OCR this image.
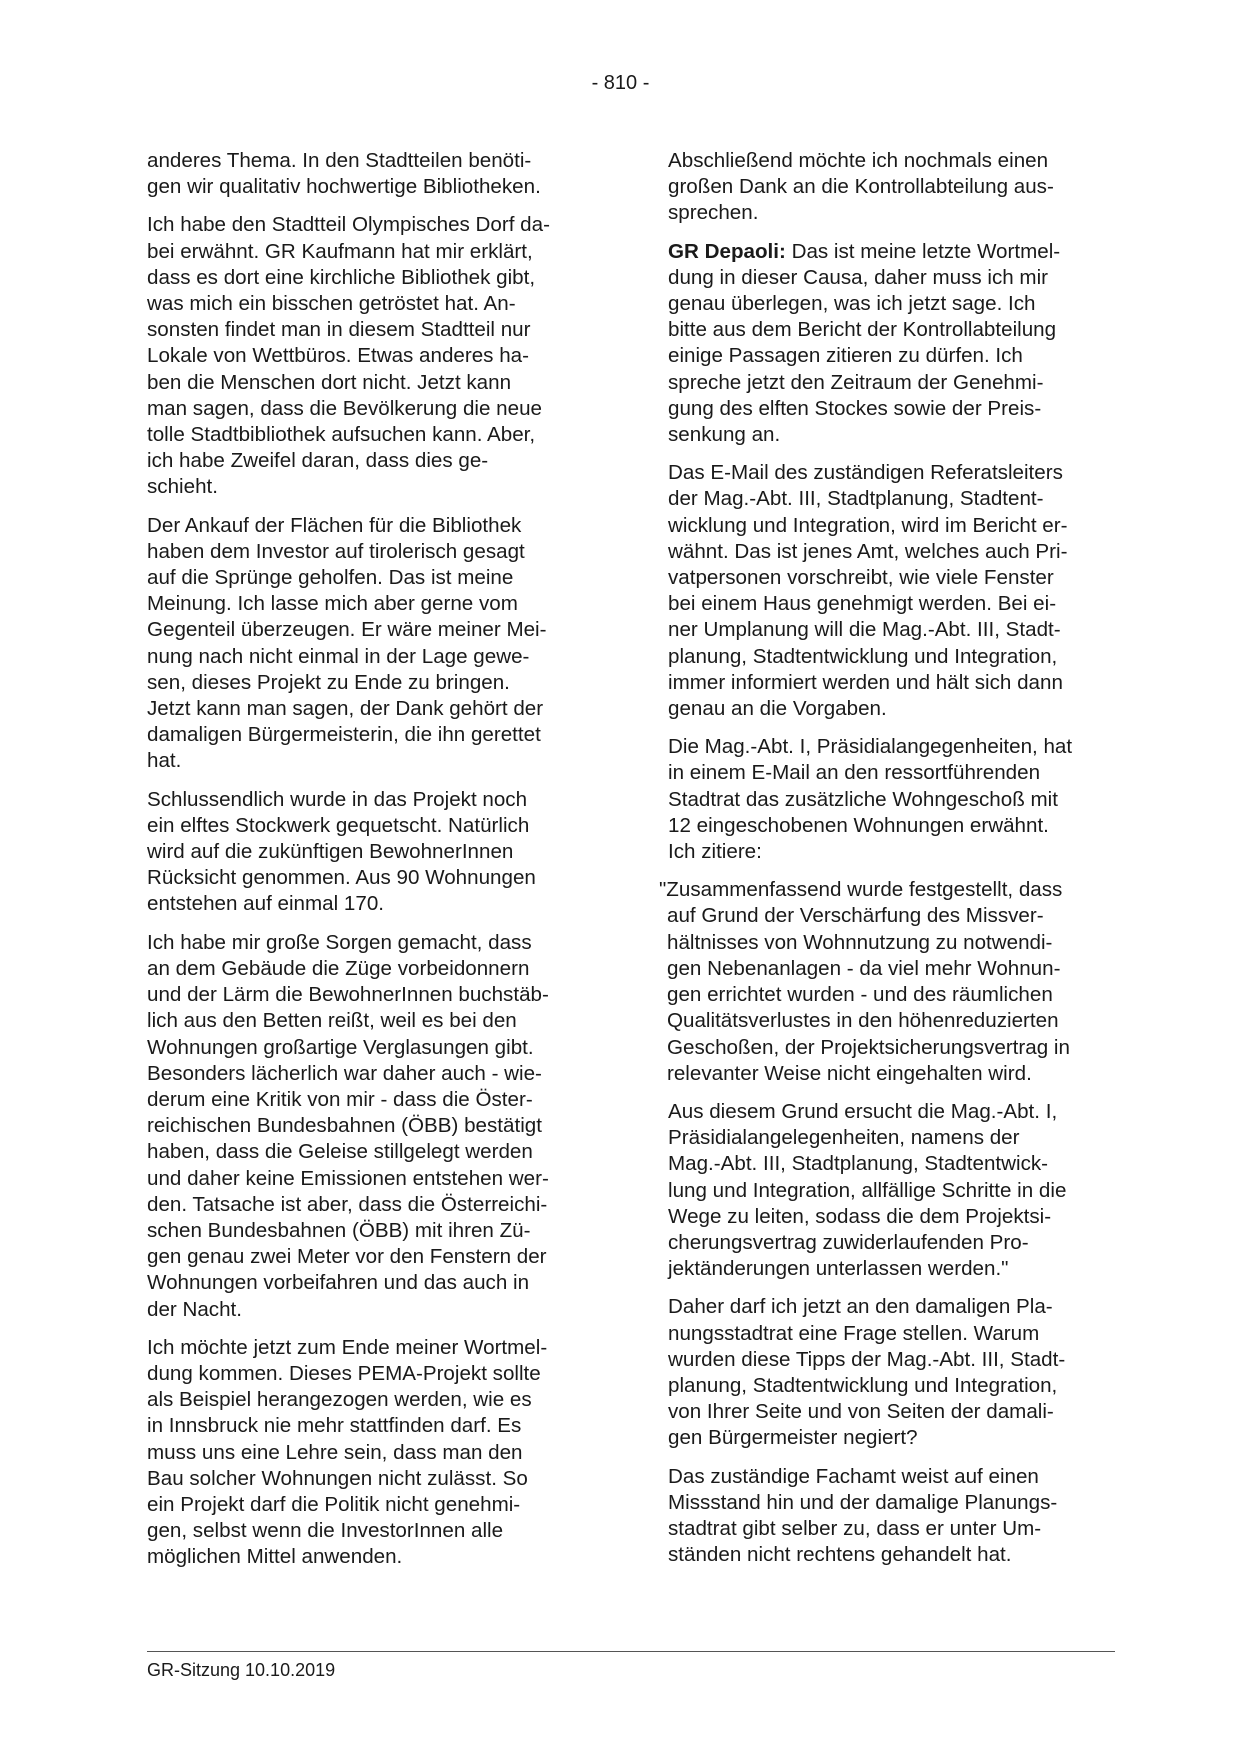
- 810 -
anderes Thema. In den Stadtteilen benöti-
gen wir qualitativ hochwertige Bibliotheken.
Ich habe den Stadtteil Olympisches Dorf da-
bei erwähnt. GR Kaufmann hat mir erklärt,
dass es dort eine kirchliche Bibliothek gibt,
was mich ein bisschen getröstet hat. An-
sonsten findet man in diesem Stadtteil nur
Lokale von Wettbüros. Etwas anderes ha-
ben die Menschen dort nicht. Jetzt kann
man sagen, dass die Bevölkerung die neue
tolle Stadtbibliothek aufsuchen kann. Aber,
ich habe Zweifel daran, dass dies ge-
schieht.
Der Ankauf der Flächen für die Bibliothek
haben dem Investor auf tirolerisch gesagt
auf die Sprünge geholfen. Das ist meine
Meinung. Ich lasse mich aber gerne vom
Gegenteil überzeugen. Er wäre meiner Mei-
nung nach nicht einmal in der Lage gewe-
sen, dieses Projekt zu Ende zu bringen.
Jetzt kann man sagen, der Dank gehört der
damaligen Bürgermeisterin, die ihn gerettet
hat.
Schlussendlich wurde in das Projekt noch
ein elftes Stockwerk gequetscht. Natürlich
wird auf die zukünftigen BewohnerInnen
Rücksicht genommen. Aus 90 Wohnungen
entstehen auf einmal 170.
Ich habe mir große Sorgen gemacht, dass
an dem Gebäude die Züge vorbeidonnern
und der Lärm die BewohnerInnen buchstäb-
lich aus den Betten reißt, weil es bei den
Wohnungen großartige Verglasungen gibt.
Besonders lächerlich war daher auch - wie-
derum eine Kritik von mir - dass die Öster-
reichischen Bundesbahnen (ÖBB) bestätigt
haben, dass die Geleise stillgelegt werden
und daher keine Emissionen entstehen wer-
den. Tatsache ist aber, dass die Österreichi-
schen Bundesbahnen (ÖBB) mit ihren Zü-
gen genau zwei Meter vor den Fenstern der
Wohnungen vorbeifahren und das auch in
der Nacht.
Ich möchte jetzt zum Ende meiner Wortmel-
dung kommen. Dieses PEMA-Projekt sollte
als Beispiel herangezogen werden, wie es
in Innsbruck nie mehr stattfinden darf. Es
muss uns eine Lehre sein, dass man den
Bau solcher Wohnungen nicht zulässt. So
ein Projekt darf die Politik nicht genehmi-
gen, selbst wenn die InvestorInnen alle
möglichen Mittel anwenden.
Abschließend möchte ich nochmals einen
großen Dank an die Kontrollabteilung aus-
sprechen.
GR Depaoli: Das ist meine letzte Wortmel-
dung in dieser Causa, daher muss ich mir
genau überlegen, was ich jetzt sage. Ich
bitte aus dem Bericht der Kontrollabteilung
einige Passagen zitieren zu dürfen. Ich
spreche jetzt den Zeitraum der Genehmi-
gung des elften Stockes sowie der Preis-
senkung an.
Das E-Mail des zuständigen Referatsleiters
der Mag.-Abt. III, Stadtplanung, Stadtent-
wicklung und Integration, wird im Bericht er-
wähnt. Das ist jenes Amt, welches auch Pri-
vatpersonen vorschreibt, wie viele Fenster
bei einem Haus genehmigt werden. Bei ei-
ner Umplanung will die Mag.-Abt. III, Stadt-
planung, Stadtentwicklung und Integration,
immer informiert werden und hält sich dann
genau an die Vorgaben.
Die Mag.-Abt. I, Präsidialangegenheiten, hat
in einem E-Mail an den ressortführenden
Stadtrat das zusätzliche Wohngeschoß mit
12 eingeschobenen Wohnungen erwähnt.
Ich zitiere:
"Zusammenfassend wurde festgestellt, dass
auf Grund der Verschärfung des Missver-
hältnisses von Wohnnutzung zu notwendi-
gen Nebenanlagen - da viel mehr Wohnun-
gen errichtet wurden - und des räumlichen
Qualitätsverlustes in den höhenreduzierten
Geschoßen, der Projektsicherungsvertrag in
relevanter Weise nicht eingehalten wird.
Aus diesem Grund ersucht die Mag.-Abt. I,
Präsidialangelegenheiten, namens der
Mag.-Abt. III, Stadtplanung, Stadtentwick-
lung und Integration, allfällige Schritte in die
Wege zu leiten, sodass die dem Projektsi-
cherungsvertrag zuwiderlaufenden Pro-
jektänderungen unterlassen werden."
Daher darf ich jetzt an den damaligen Pla-
nungsstadtrat eine Frage stellen. Warum
wurden diese Tipps der Mag.-Abt. III, Stadt-
planung, Stadtentwicklung und Integration,
von Ihrer Seite und von Seiten der damali-
gen Bürgermeister negiert?
Das zuständige Fachamt weist auf einen
Missstand hin und der damalige Planungs-
stadtrat gibt selber zu, dass er unter Um-
ständen nicht rechtens gehandelt hat.
GR-Sitzung 10.10.2019
